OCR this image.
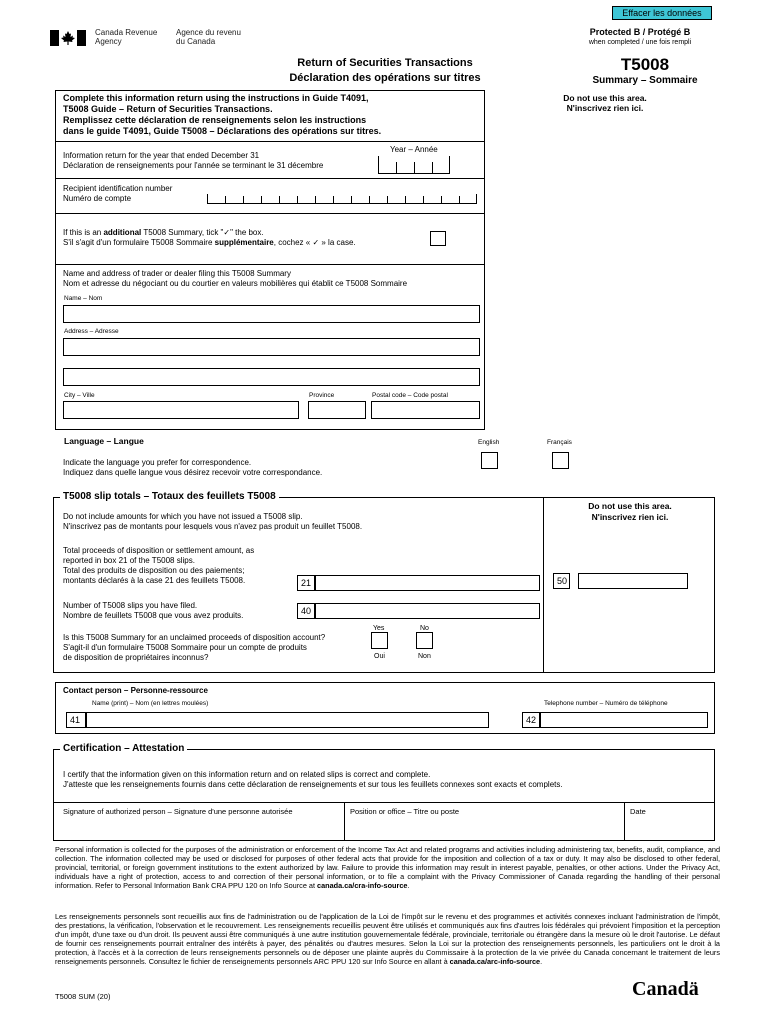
Effacer les données
Canada Revenue
Agency
Agence du revenu
du Canada
Protected B / Protégé B
when completed / une fois rempli
Return of Securities Transactions
Déclaration des opérations sur titres
T5008
Summary – Sommaire
Complete this information return using the instructions in Guide T4091,
T5008 Guide – Return of Securities Transactions.
Remplissez cette déclaration de renseignements selon les instructions
dans le guide T4091, Guide T5008 – Déclarations des opérations sur titres.
Do not use this area.
N'inscrivez rien ici.
Information return for the year that ended December 31
Déclaration de renseignements pour l'année se terminant le 31 décembre
Year – Année
Recipient identification number
Numéro de compte
If this is an additional T5008 Summary, tick "✓" the box.
S'il s'agit d'un formulaire T5008 Sommaire supplémentaire, cochez « ✓ » la case.
Name and address of trader or dealer filing this T5008 Summary
Nom et adresse du négociant ou du courtier en valeurs mobilières qui établit ce T5008 Sommaire
Name – Nom
Address – Adresse
City – Ville	Province	Postal code – Code postal
Language – Langue	English	Français
Indicate the language you prefer for correspondence.
Indiquez dans quelle langue vous désirez recevoir votre correspondance.
T5008 slip totals – Totaux des feuillets T5008
Do not use this area.
N'inscrivez rien ici.
Do not include amounts for which you have not issued a T5008 slip.
N'inscrivez pas de montants pour lesquels vous n'avez pas produit un feuillet T5008.
Total proceeds of disposition or settlement amount, as
reported in box 21 of the T5008 slips.
Total des produits de disposition ou des paiements;
montants déclarés à la case 21 des feuillets T5008.	21	50
Number of T5008 slips you have filed.
Nombre de feuillets T5008 que vous avez produits.	40
Is this T5008 Summary for an unclaimed proceeds of disposition account?
S'agit-il d'un formulaire T5008 Sommaire pour un compte de produits
de disposition de propriétaires inconnus?
Yes	No
Oui	Non
Contact person – Personne-ressource
Name (print) – Nom (en lettres moulées)	Telephone number – Numéro de téléphone
41	42
Certification – Attestation
I certify that the information given on this information return and on related slips is correct and complete.
J'atteste que les renseignements fournis dans cette déclaration de renseignements et sur tous les feuillets connexes sont exacts et complets.
Signature of authorized person – Signature d'une personne autorisée	Position or office – Titre ou poste	Date
Personal information is collected for the purposes of the administration or enforcement of the Income Tax Act and related programs and activities including administering tax, benefits, audit, compliance, and collection. The information collected may be used or disclosed for purposes of other federal acts that provide for the imposition and collection of a tax or duty. It may also be disclosed to other federal, provincial, territorial, or foreign government institutions to the extent authorized by law. Failure to provide this information may result in interest payable, penalties, or other actions. Under the Privacy Act, individuals have a right of protection, access to and correction of their personal information, or to file a complaint with the Privacy Commissioner of Canada regarding the handling of their personal information. Refer to Personal Information Bank CRA PPU 120 on Info Source at canada.ca/cra-info-source.
Les renseignements personnels sont recueillis aux fins de l'administration ou de l'application de la Loi de l'impôt sur le revenu et des programmes et activités connexes incluant l'administration de l'impôt, des prestations, la vérification, l'observation et le recouvrement. Les renseignements recueillis peuvent être utilisés et communiqués aux fins d'autres lois fédérales qui prévoient l'imposition et la perception d'un impôt, d'une taxe ou d'un droit. Ils peuvent aussi être communiqués à une autre institution gouvernementale fédérale, provinciale, territoriale ou étrangère dans la mesure où le droit l'autorise. Le défaut de fournir ces renseignements pourrait entraîner des intérêts à payer, des pénalités ou d'autres mesures. Selon la Loi sur la protection des renseignements personnels, les particuliers ont le droit à la protection, à l'accès et à la correction de leurs renseignements personnels ou de déposer une plainte auprès du Commissaire à la protection de la vie privée du Canada concernant le traitement de leurs renseignements personnels. Consultez le fichier de renseignements personnels ARC PPU 120 sur Info Source en allant à canada.ca/arc-info-source.
T5008 SUM (20)	Canadä
